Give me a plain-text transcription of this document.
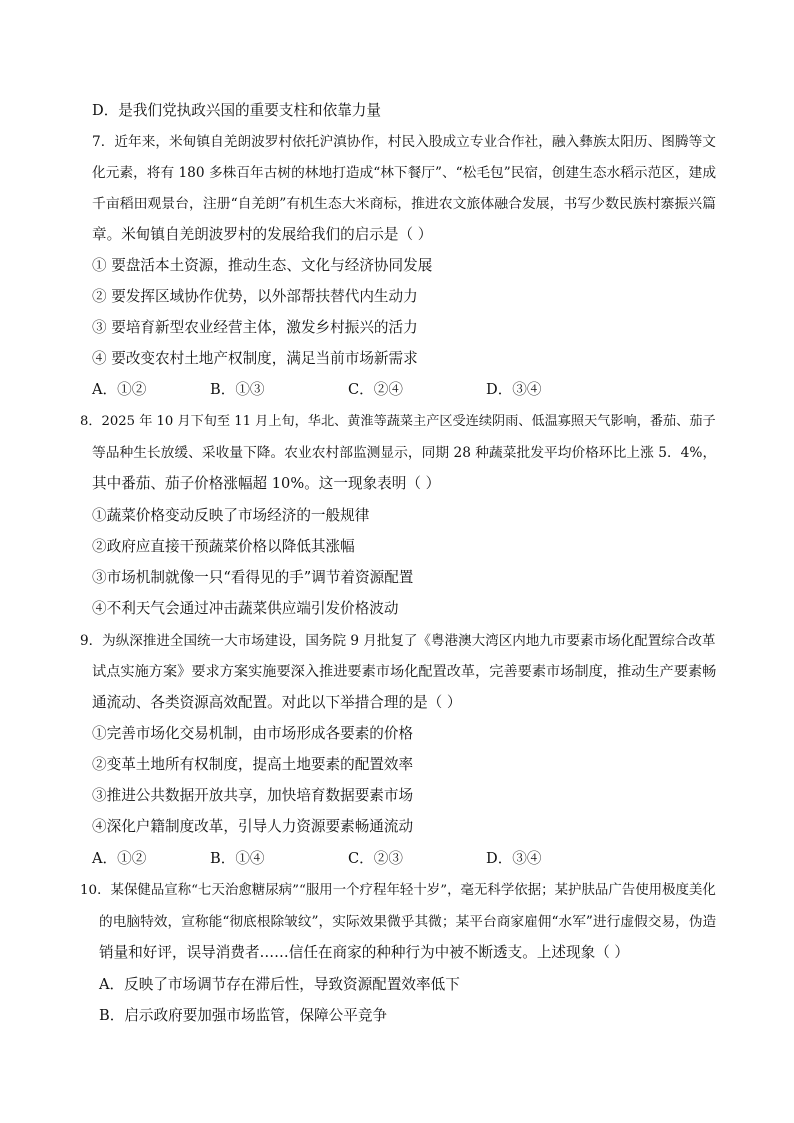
D．是我们党执政兴国的重要支柱和依靠力量
7．近年来，米甸镇自羌朗波罗村依托沪滇协作，村民入股成立专业合作社，融入彝族太阳历、图腾等文
化元素，将有 180 多株百年古树的林地打造成“林下餐厅”、“松毛包”民宿，创建生态水稻示范区，建成
千亩稻田观景台，注册“自羌朗”有机生态大米商标，推进农文旅体融合发展，书写少数民族村寨振兴篇
章。米甸镇自羌朗波罗村的发展给我们的启示是（ ）
① 要盘活本土资源，推动生态、文化与经济协同发展
② 要发挥区域协作优势，以外部帮扶替代内生动力
③ 要培育新型农业经营主体，激发乡村振兴的活力
④ 要改变农村土地产权制度，满足当前市场新需求
A．①②	B．①③	C．②④	D．③④
8．2025 年 10 月下旬至 11 月上旬，华北、黄淮等蔬菜主产区受连续阴雨、低温寡照天气影响，番茄、茄子
等品种生长放缓、采收量下降。农业农村部监测显示，同期 28 种蔬菜批发平均价格环比上涨 5．4%，
其中番茄、茄子价格涨幅超 10%。这一现象表明（ ）
①蔬菜价格变动反映了市场经济的一般规律
②政府应直接干预蔬菜价格以降低其涨幅
③市场机制就像一只“看得见的手”调节着资源配置
④不利天气会通过冲击蔬菜供应端引发价格波动
9．为纵深推进全国统一大市场建设，国务院 9 月批复了《粤港澳大湾区内地九市要素市场化配置综合改革
试点实施方案》要求方案实施要深入推进要素市场化配置改革，完善要素市场制度，推动生产要素畅
通流动、各类资源高效配置。对此以下举措合理的是（ ）
①完善市场化交易机制，由市场形成各要素的价格
②变革土地所有权制度，提高土地要素的配置效率
③推进公共数据开放共享，加快培育数据要素市场
④深化户籍制度改革，引导人力资源要素畅通流动
A．①②	B．①④	C．②③	D．③④
10．某保健品宣称“七天治愈糖尿病”“服用一个疗程年轻十岁”，毫无科学依据；某护肤品广告使用极度美化
的电脑特效，宣称能“彻底根除皱纹”，实际效果微乎其微；某平台商家雇佣“水军”进行虚假交易，伪造
销量和好评，误导消费者……信任在商家的种种行为中被不断透支。上述现象（ ）
A．反映了市场调节存在滞后性，导致资源配置效率低下
B．启示政府要加强市场监管，保障公平竞争
